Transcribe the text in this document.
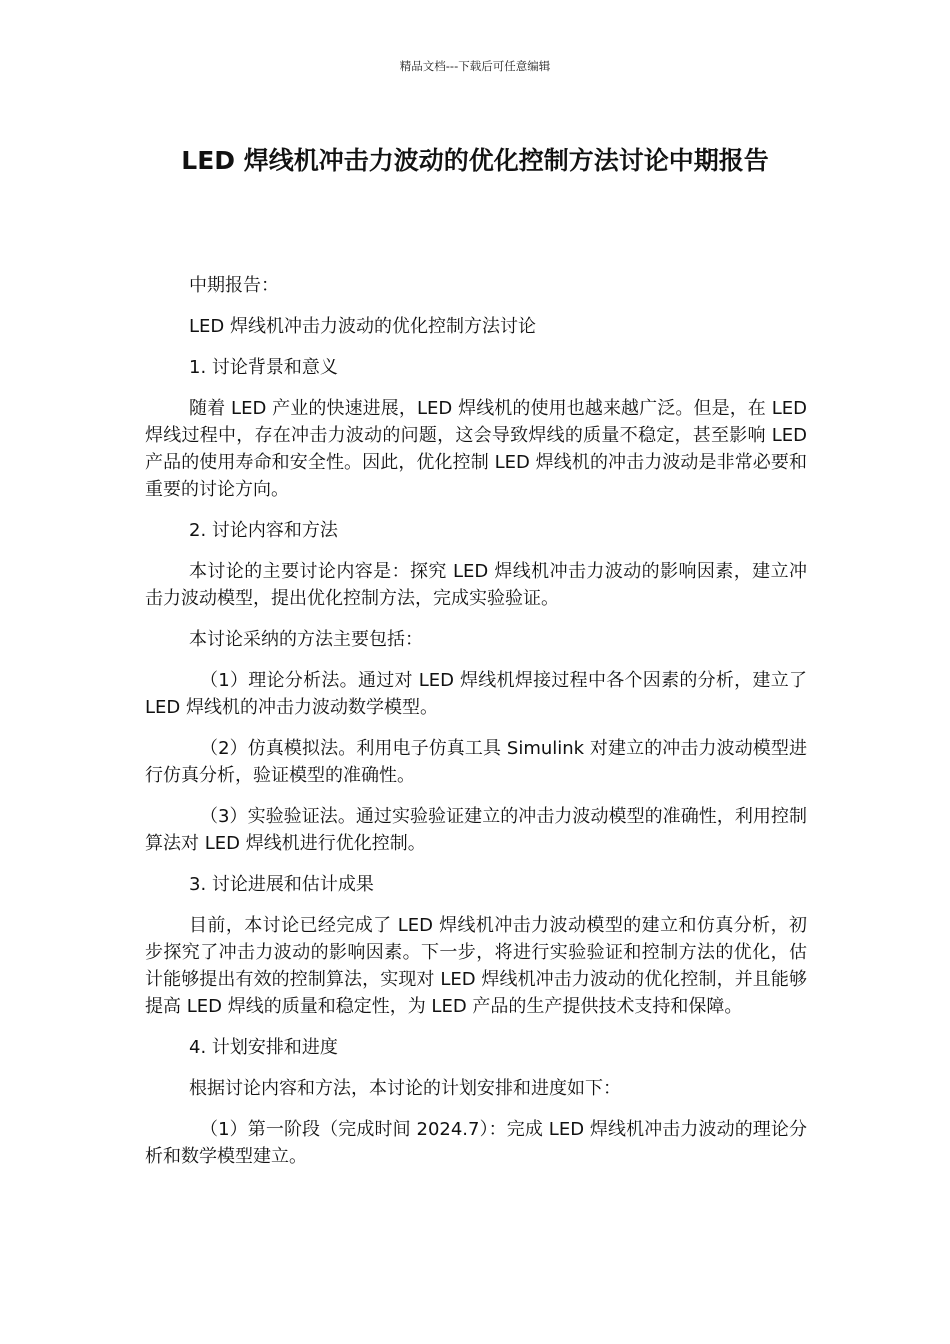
精品文档---下载后可任意编辑
LED 焊线机冲击力波动的优化控制方法讨论中期报告

中期报告：

LED 焊线机冲击力波动的优化控制方法讨论

1. 讨论背景和意义

随着 LED 产业的快速进展，LED 焊线机的使用也越来越广泛。但是，在 LED 焊线过程中，存在冲击力波动的问题，这会导致焊线的质量不稳定，甚至影响 LED 产品的使用寿命和安全性。因此，优化控制 LED 焊线机的冲击力波动是非常必要和重要的讨论方向。

2. 讨论内容和方法

本讨论的主要讨论内容是：探究 LED 焊线机冲击力波动的影响因素，建立冲击力波动模型，提出优化控制方法，完成实验验证。

本讨论采纳的方法主要包括：

（1）理论分析法。通过对 LED 焊线机焊接过程中各个因素的分析，建立了 LED 焊线机的冲击力波动数学模型。

（2）仿真模拟法。利用电子仿真工具 Simulink 对建立的冲击力波动模型进行仿真分析，验证模型的准确性。

（3）实验验证法。通过实验验证建立的冲击力波动模型的准确性，利用控制算法对 LED 焊线机进行优化控制。

3. 讨论进展和估计成果

目前，本讨论已经完成了 LED 焊线机冲击力波动模型的建立和仿真分析，初步探究了冲击力波动的影响因素。下一步，将进行实验验证和控制方法的优化，估计能够提出有效的控制算法，实现对 LED 焊线机冲击力波动的优化控制，并且能够提高 LED 焊线的质量和稳定性，为 LED 产品的生产提供技术支持和保障。

4. 计划安排和进度

根据讨论内容和方法，本讨论的计划安排和进度如下：

（1）第一阶段（完成时间 2024.7）：完成 LED 焊线机冲击力波动的理论分析和数学模型建立。
